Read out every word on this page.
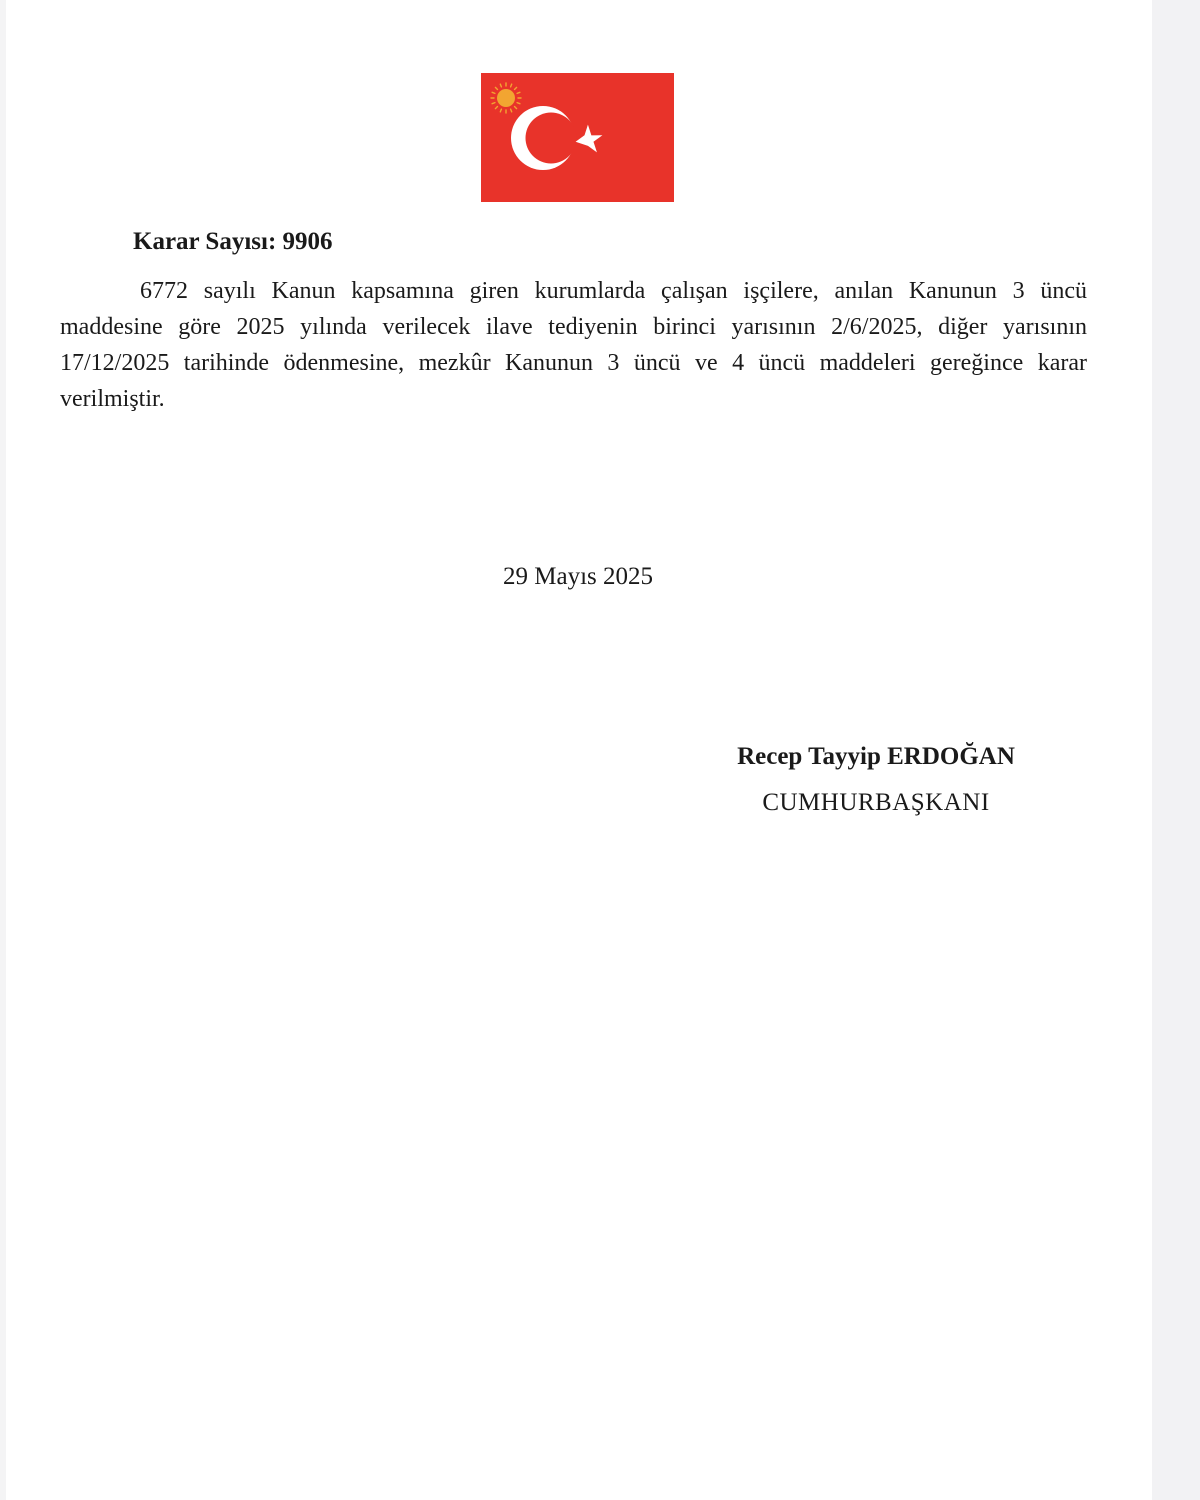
Karar Sayısı: 9906

6772 sayılı Kanun kapsamına giren kurumlarda çalışan işçilere, anılan Kanunun 3 üncü maddesine göre 2025 yılında verilecek ilave tediyenin birinci yarısının 2/6/2025, diğer yarısının 17/12/2025 tarihinde ödenmesine, mezkûr Kanunun 3 üncü ve 4 üncü maddeleri gereğince karar verilmiştir.

29 Mayıs 2025
Recep Tayyip ERDOĞAN
CUMHURBAŞKANI
